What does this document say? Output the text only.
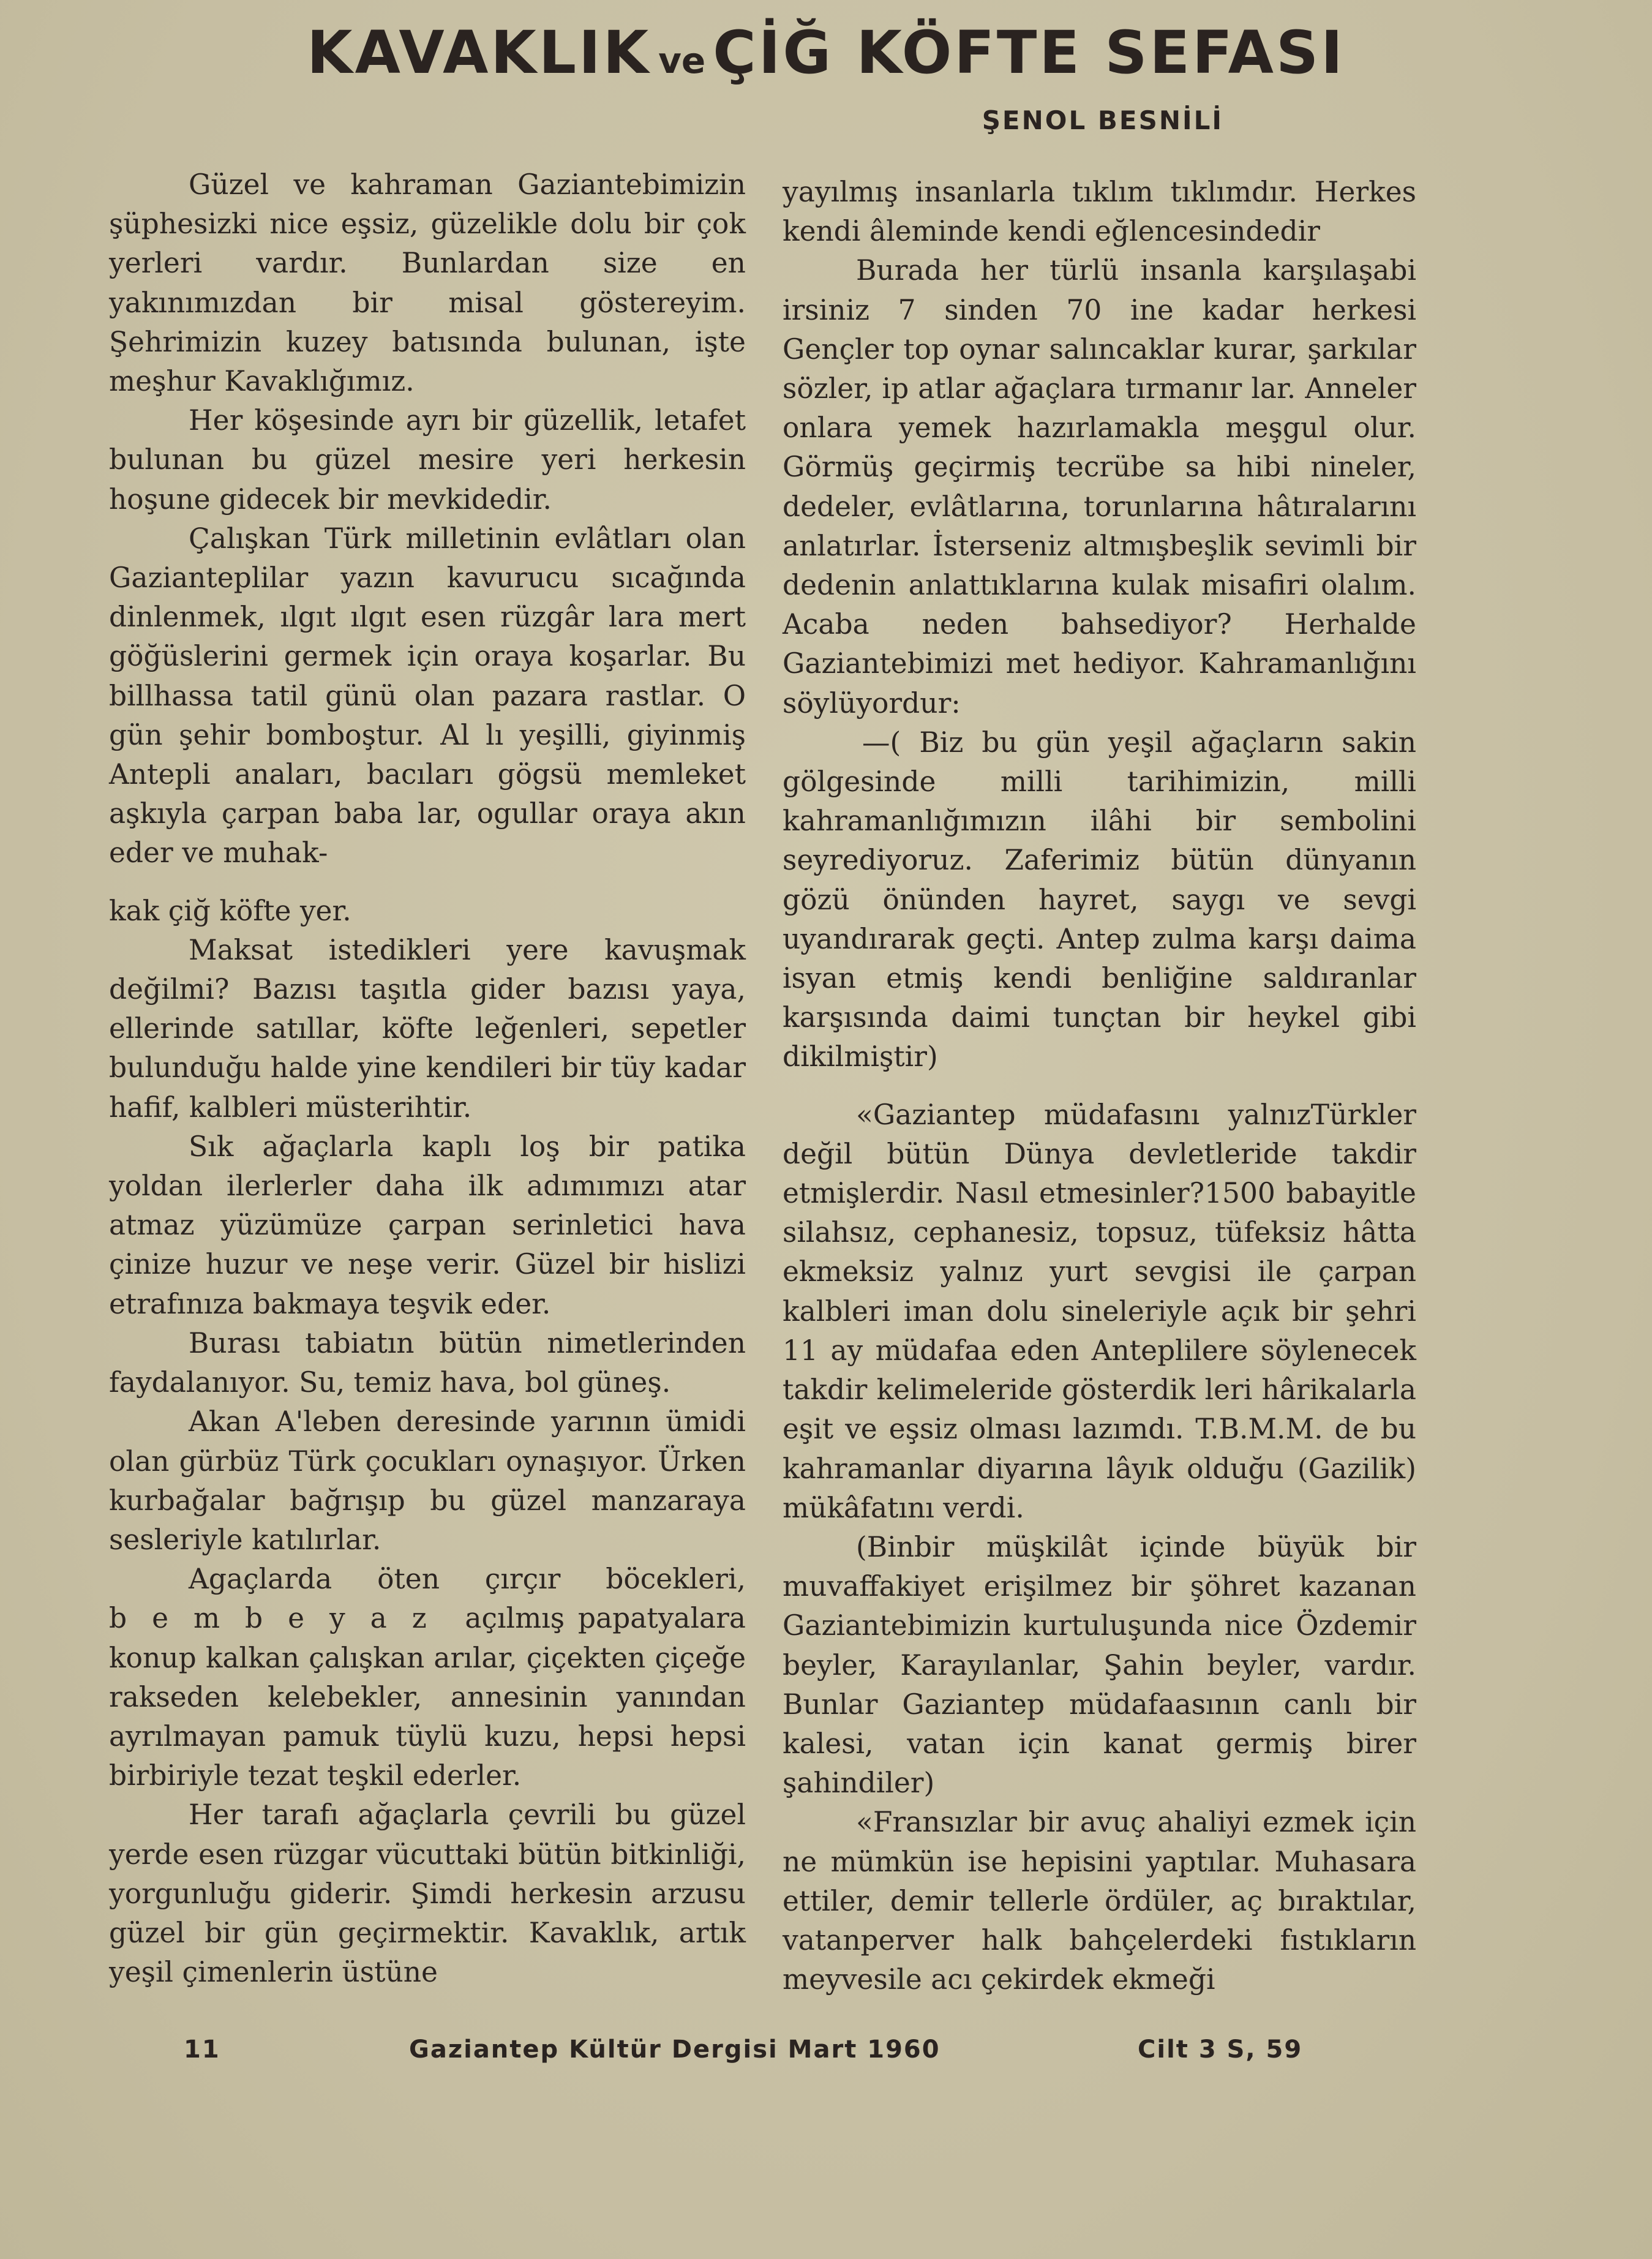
KAVAKLIK ve ÇİĞ KÖFTE SEFASI
ŞENOL BESNİLİ

Güzel ve kahraman Gaziantebimizin şüphesizki nice eşsiz, güzelikle dolu bir çok yerleri vardır. Bunlardan size en yakınımızdan bir misal göstereyim. Şehrimizin kuzey batısında bulunan, işte meşhur Kavaklığımız.

Her köşesinde ayrı bir güzellik, letafet bulunan bu güzel mesire yeri herkesin hoşune gidecek bir mevkidedir.

Çalışkan Türk milletinin evlâtları olan Gazianteplilar yazın kavurucu sıcağında dinlenmek, ılgıt ılgıt esen rüzgâr lara mert göğüslerini germek için oraya koşarlar. Bu billhassa tatil günü olan pazara rastlar. O gün şehir bomboştur. Al lı yeşilli, giyinmiş Antepli anaları, bacıları gögsü memleket aşkıyla çarpan baba lar, ogullar oraya akın eder ve muhak-

kak çiğ köfte yer.

Maksat istedikleri yere kavuşmak değilmi? Bazısı taşıtla gider bazısı yaya, ellerinde satıllar, köfte leğenleri, sepetler bulunduğu halde yine kendileri bir tüy kadar hafif, kalbleri müsterihtir.

Sık ağaçlarla kaplı loş bir patika yoldan ilerlerler daha ilk adımımızı atar atmaz yüzümüze çarpan serinletici hava çinize huzur ve neşe verir. Güzel bir hislizi etrafınıza bakmaya teşvik eder.

Burası tabiatın bütün nimetlerinden faydalanıyor. Su, temiz hava, bol güneş.

Akan A'leben deresinde yarının ümidi olan gürbüz Türk çocukları oynaşıyor. Ürken kurbağalar bağrışıp bu güzel manzaraya sesleriyle katılırlar.

Agaçlarda öten çırçır böcekleri, bembeyaz açılmış papatyalara konup kalkan çalışkan arılar, çiçekten çiçeğe rakseden kelebekler, annesinin yanından ayrılmayan pamuk tüylü kuzu, hepsi hepsi birbiriyle tezat teşkil ederler.

Her tarafı ağaçlarla çevrili bu güzel yerde esen rüzgar vücuttaki bütün bitkinliği, yorgunluğu giderir. Şimdi herkesin arzusu güzel bir gün geçirmektir. Kavaklık, artık yeşil çimenlerin üstüne

yayılmış insanlarla tıklım tıklımdır. Herkes kendi âleminde kendi eğlencesindedir

Burada her türlü insanla karşılaşabi irsiniz 7 sinden 70 ine kadar herkesi Gençler top oynar salıncaklar kurar, şarkılar sözler, ip atlar ağaçlara tırmanır lar. Anneler onlara yemek hazırlamakla meşgul olur. Görmüş geçirmiş tecrübe sa hibi nineler, dedeler, evlâtlarına, torunlarına hâtıralarını anlatırlar. İsterseniz altmışbeşlik sevimli bir dedenin anlattıklarına kulak misafiri olalım. Acaba neden bahsediyor? Herhalde Gaziantebimizi met hediyor. Kahramanlığını söylüyordur:

—( Biz bu gün yeşil ağaçların sakin gölgesinde milli tarihimizin, milli kahramanlığımızın ilâhi bir sembolini seyrediyoruz. Zaferimiz bütün dünyanın gözü önünden hayret, saygı ve sevgi uyandırarak geçti. Antep zulma karşı daima isyan etmiş kendi benliğine saldıranlar karşısında daimi tunçtan bir heykel gibi dikilmiştir)

«Gaziantep müdafasını yalnızTürkler değil bütün Dünya devletleride takdir etmişlerdir. Nasıl etmesinler?1500 babayitle silahsız, cephanesiz, topsuz, tüfeksiz hâtta ekmeksiz yalnız yurt sevgisi ile çarpan kalbleri iman dolu sineleriyle açık bir şehri 11 ay müdafaa eden Anteplilere söylenecek takdir kelimeleride gösterdik leri hârikalarla eşit ve eşsiz olması lazımdı. T.B.M.M. de bu kahramanlar diyarına lâyık olduğu (Gazilik) mükâfatını verdi.

(Binbir müşkilât içinde büyük bir muvaffakiyet erişilmez bir şöhret kazanan Gaziantebimizin kurtuluşunda nice Özdemir beyler, Karayılanlar, Şahin beyler, vardır. Bunlar Gaziantep müdafaasının canlı bir kalesi, vatan için kanat germiş birer şahindiler)

«Fransızlar bir avuç ahaliyi ezmek için ne mümkün ise hepisini yaptılar. Muhasara ettiler, demir tellerle ördüler, aç bıraktılar, vatanperver halk bahçelerdeki fıstıkların meyvesile acı çekirdek ekmeği

11	Gaziantep Kültür Dergisi Mart 1960	Cilt 3 S, 59
